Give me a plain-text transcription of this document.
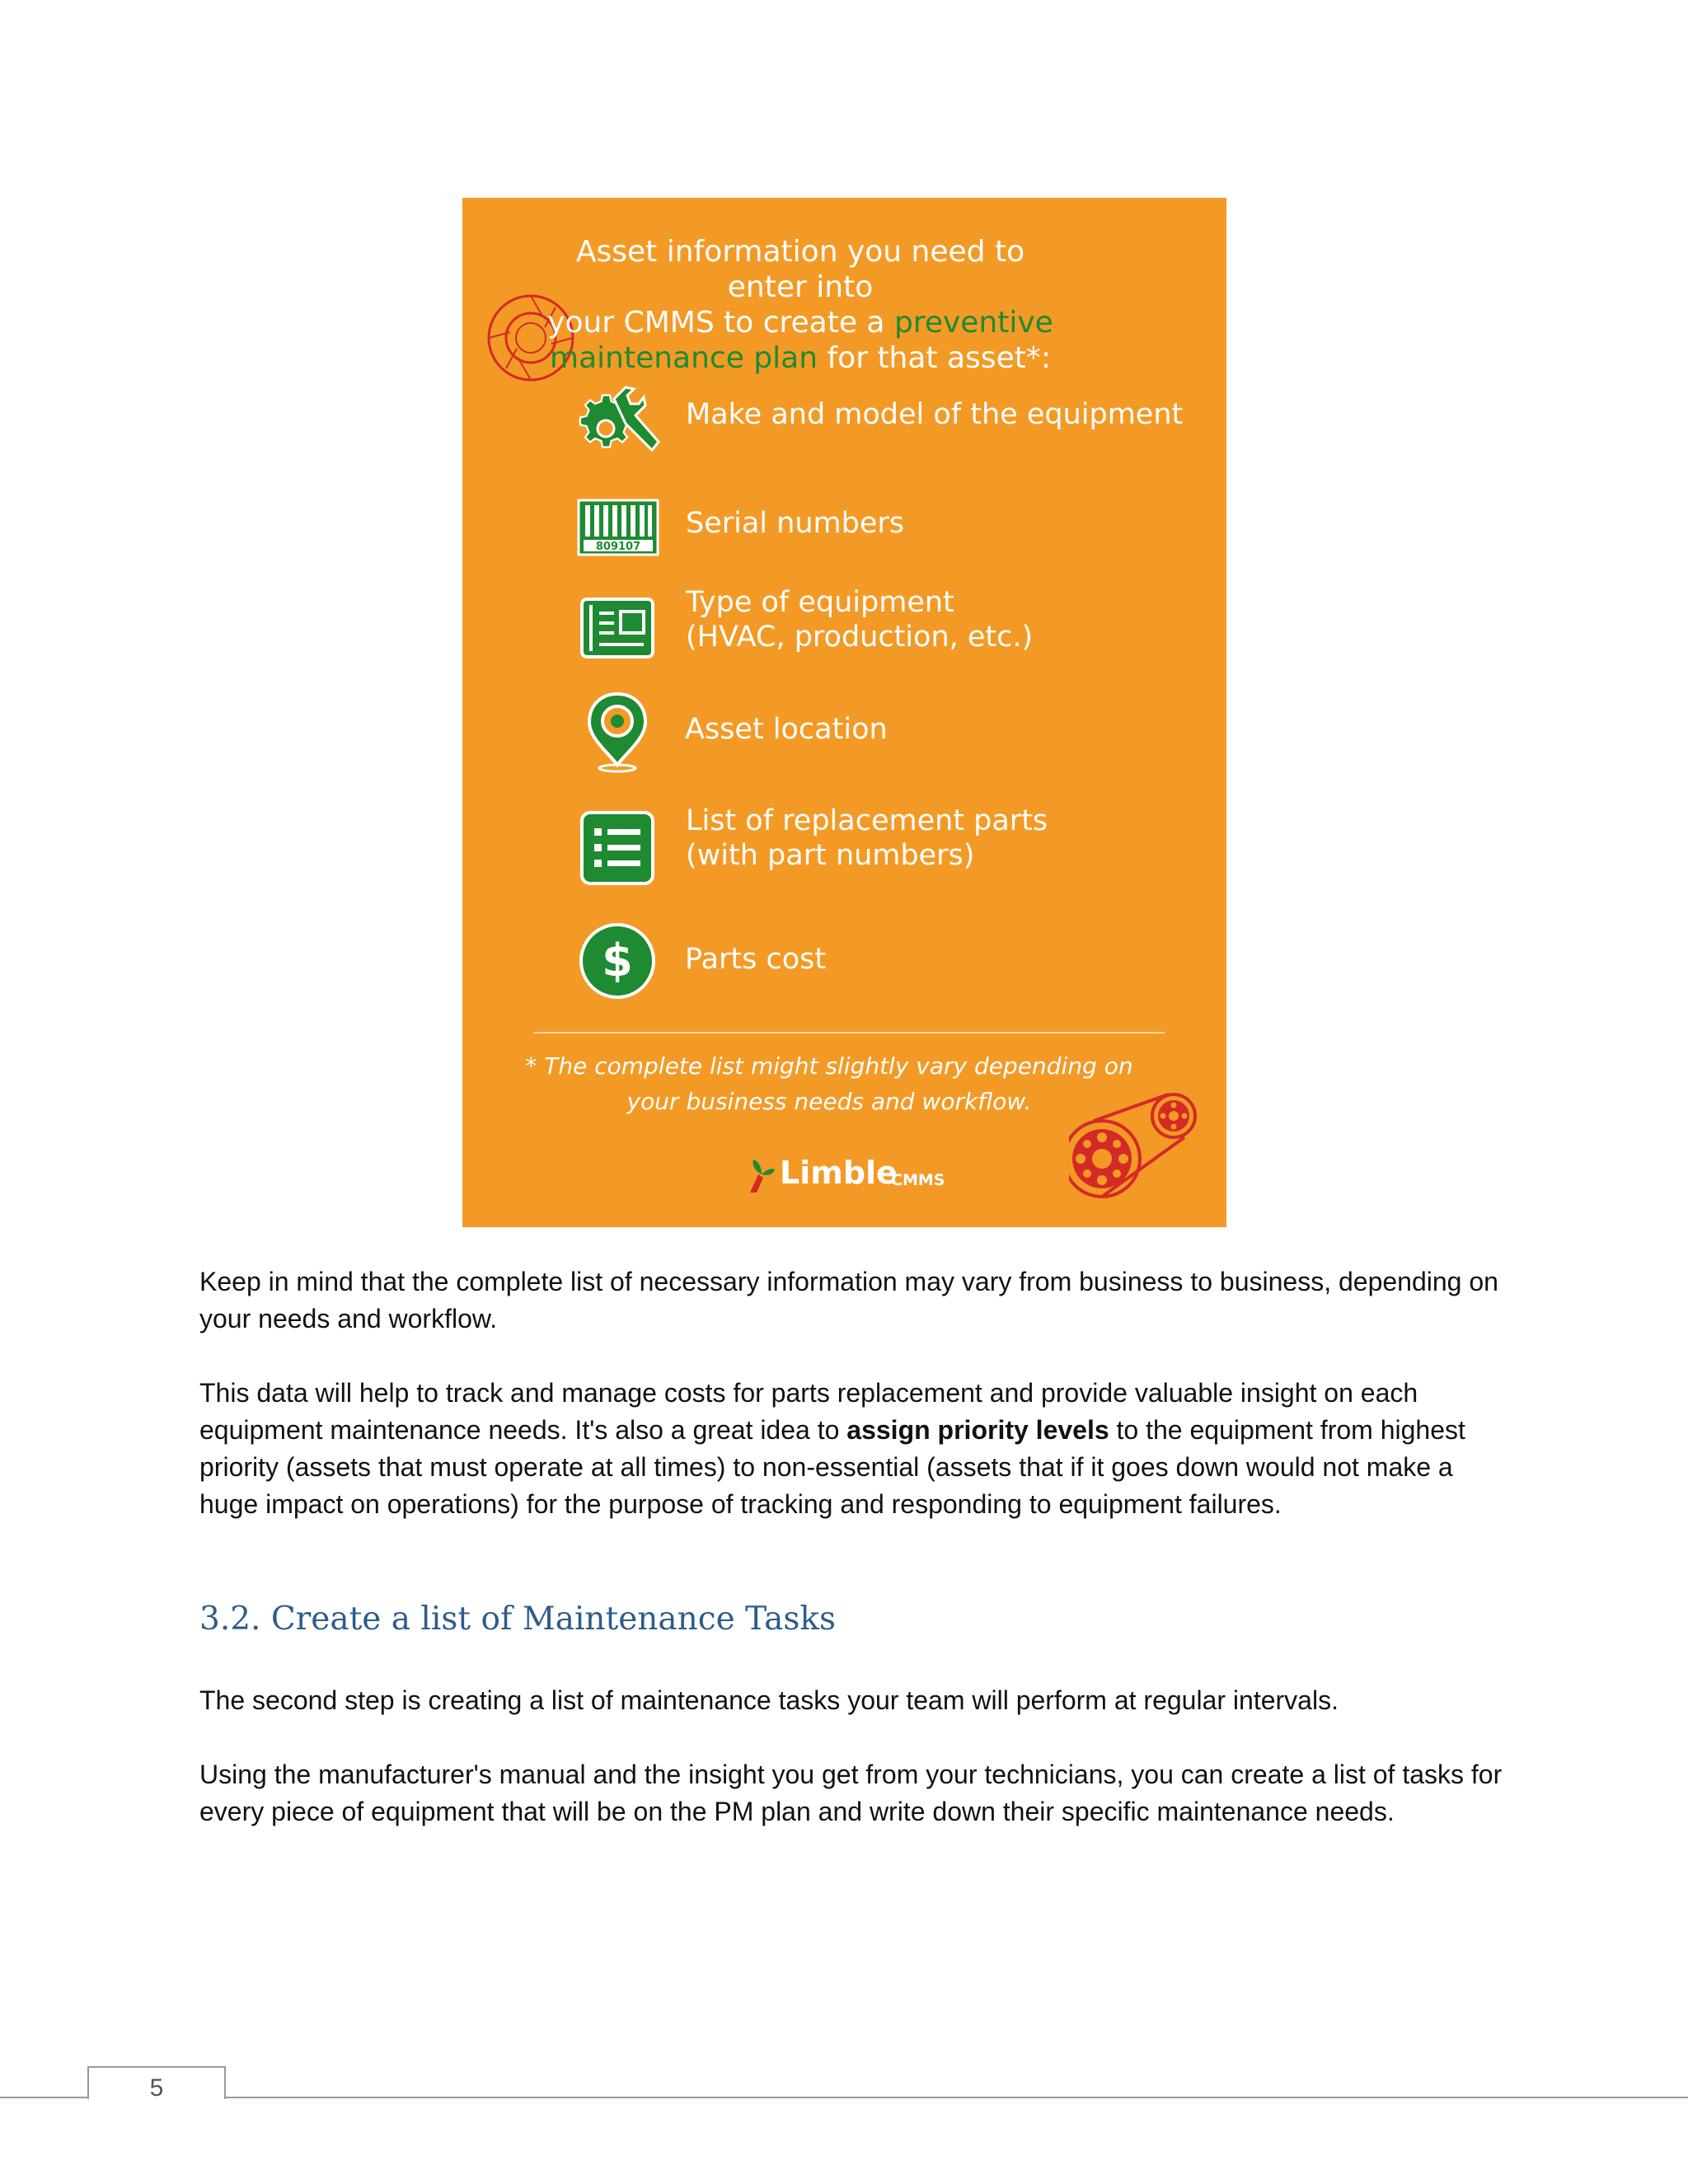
Asset information you need to enter into
your CMMS to create a preventive
maintenance plan for that asset*:
Make and model of the equipment
809107
Serial numbers
Type of equipment
(HVAC, production, etc.)
Asset location
List of replacement parts
(with part numbers)
$ Parts cost
* The complete list might slightly vary depending on
your business needs and workflow.
Limble
CMMS
Keep in mind that the complete list of necessary information may vary from business to business, depending on your needs and workflow.
This data will help to track and manage costs for parts replacement and provide valuable insight on each equipment maintenance needs. It's also a great idea to assign priority levels to the equipment from highest priority (assets that must operate at all times) to non-essential (assets that if it goes down would not make a huge impact on operations) for the purpose of tracking and responding to equipment failures.
3.2. Create a list of Maintenance Tasks
The second step is creating a list of maintenance tasks your team will perform at regular intervals.
Using the manufacturer's manual and the insight you get from your technicians, you can create a list of tasks for every piece of equipment that will be on the PM plan and write down their specific maintenance needs.
5
